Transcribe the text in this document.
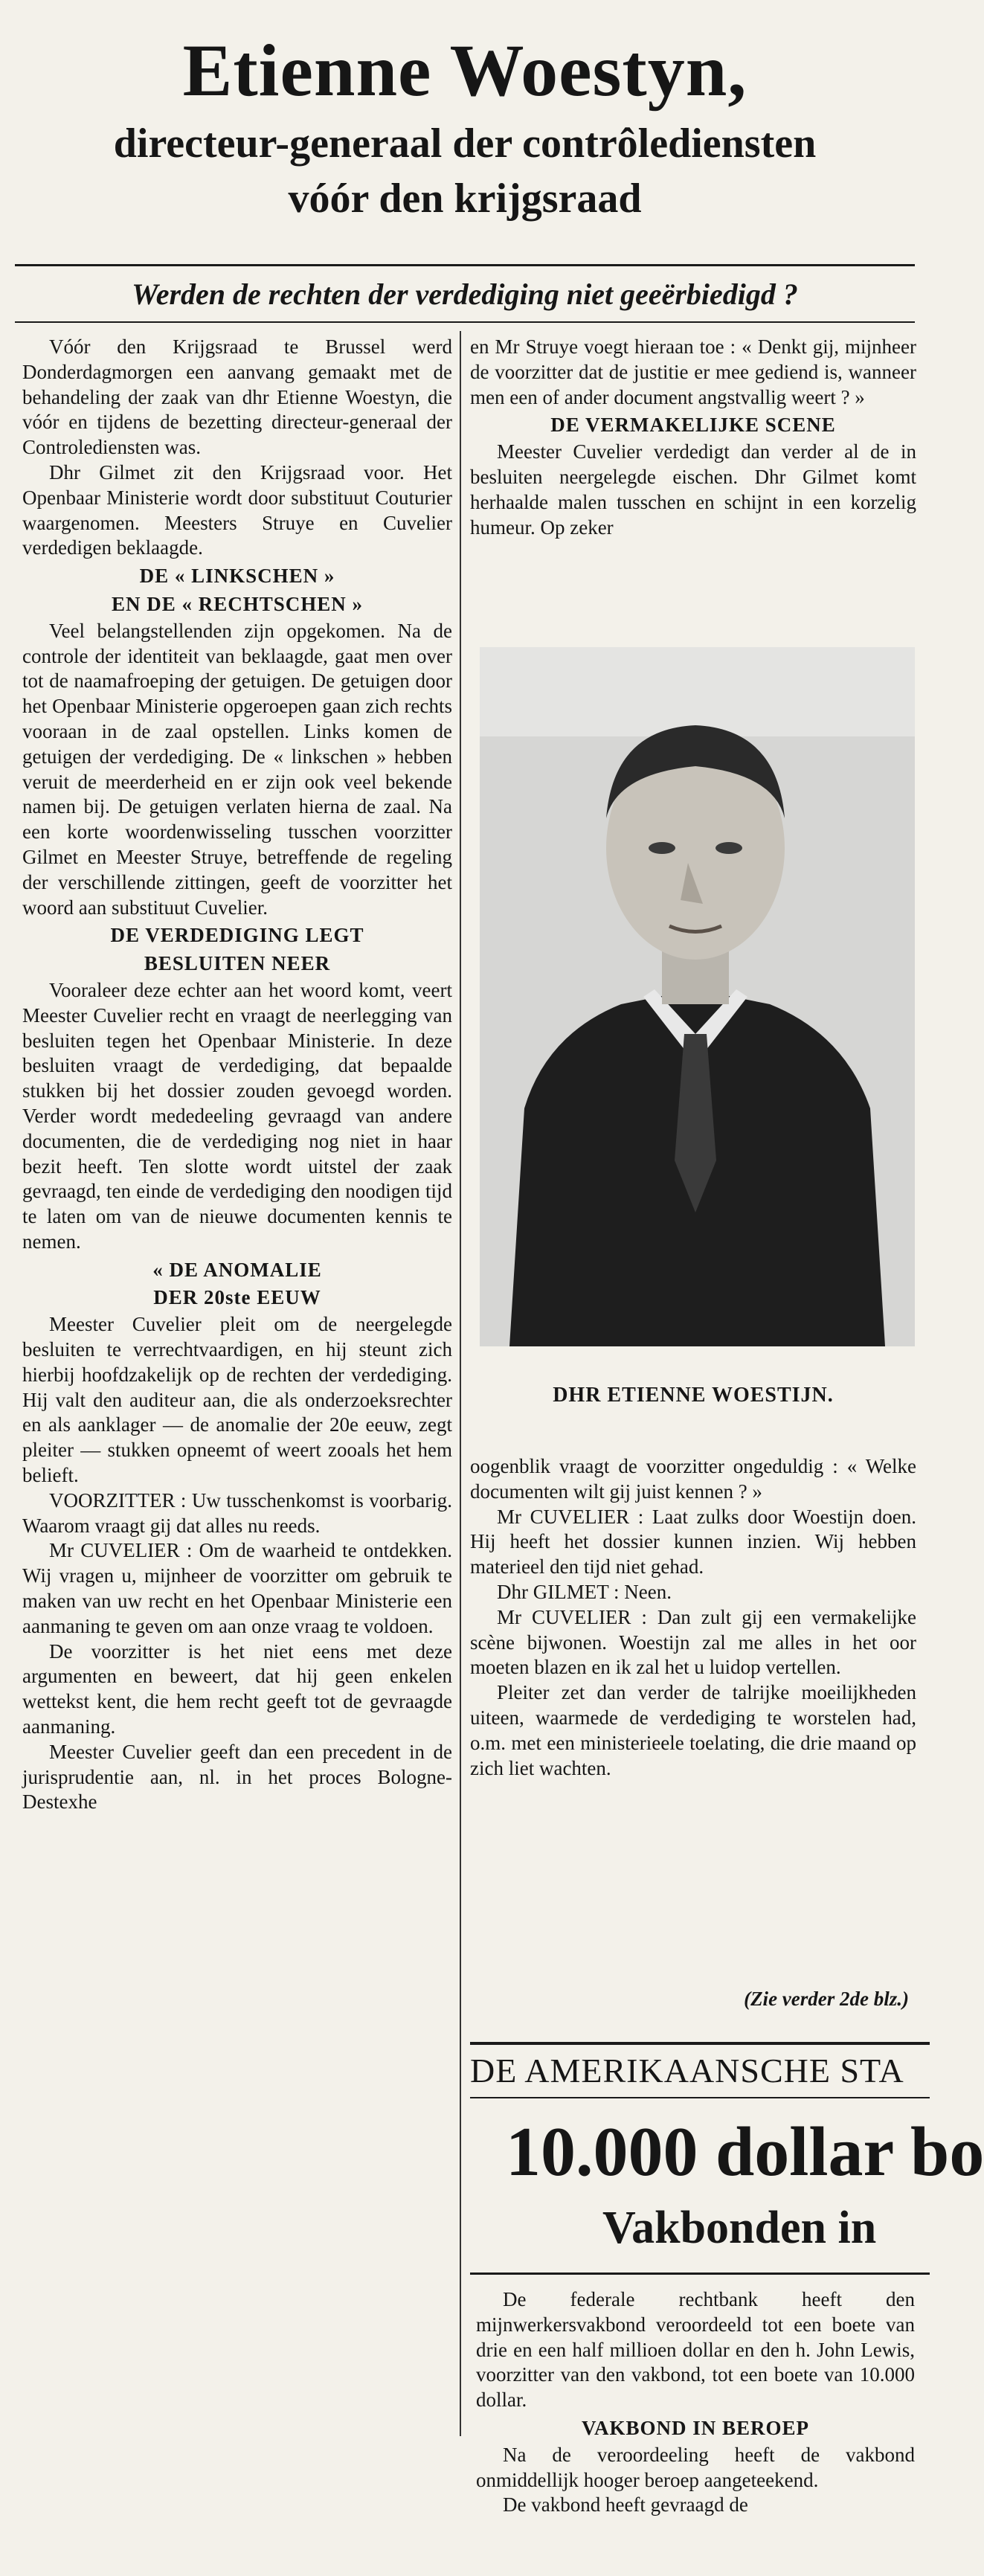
Etienne Woestyn,
directeur-generaal der contrôlediensten
vóór den krijgsraad
Werden de rechten der verdediging niet geeërbiedigd ?

Vóór den Krijgsraad te Brussel werd Donderdagmorgen een aanvang gemaakt met de behandeling der zaak van dhr Etienne Woestyn, die vóór en tijdens de bezetting directeur-generaal der Controlediensten was.

Dhr Gilmet zit den Krijgsraad voor. Het Openbaar Ministerie wordt door substituut Couturier waargenomen. Meesters Struye en Cuvelier verdedigen beklaagde.

DE « LINKSCHEN »

EN DE « RECHTSCHEN »

Veel belangstellenden zijn opgekomen. Na de controle der identiteit van beklaagde, gaat men over tot de naamafroeping der getuigen. De getuigen door het Openbaar Ministerie opgeroepen gaan zich rechts vooraan in de zaal opstellen. Links komen de getuigen der verdediging. De « linkschen » hebben veruit de meerderheid en er zijn ook veel bekende namen bij. De getuigen verlaten hierna de zaal. Na een korte woordenwisseling tusschen voorzitter Gilmet en Meester Struye, betreffende de regeling der verschillende zittingen, geeft de voorzitter het woord aan substituut Cuvelier.

DE VERDEDIGING LEGT

BESLUITEN NEER

Vooraleer deze echter aan het woord komt, veert Meester Cuvelier recht en vraagt de neerlegging van besluiten tegen het Openbaar Ministerie. In deze besluiten vraagt de verdediging, dat bepaalde stukken bij het dossier zouden gevoegd worden. Verder wordt mededeeling gevraagd van andere documenten, die de verdediging nog niet in haar bezit heeft. Ten slotte wordt uitstel der zaak gevraagd, ten einde de verdediging den noodigen tijd te laten om van de nieuwe documenten kennis te nemen.

« DE ANOMALIE

DER 20ste EEUW

Meester Cuvelier pleit om de neergelegde besluiten te verrechtvaardigen, en hij steunt zich hierbij hoofdzakelijk op de rechten der verdediging. Hij valt den auditeur aan, die als onderzoeksrechter en als aanklager — de anomalie der 20e eeuw, zegt pleiter — stukken opneemt of weert zooals het hem belieft.

VOORZITTER : Uw tusschenkomst is voorbarig. Waarom vraagt gij dat alles nu reeds.

Mr CUVELIER : Om de waarheid te ontdekken. Wij vragen u, mijnheer de voorzitter om gebruik te maken van uw recht en het Openbaar Ministerie een aanmaning te geven om aan onze vraag te voldoen.

De voorzitter is het niet eens met deze argumenten en beweert, dat hij geen enkelen wettekst kent, die hem recht geeft tot de gevraagde aanmaning.

Meester Cuvelier geeft dan een precedent in de jurisprudentie aan, nl. in het proces Bologne-Destexhe

en Mr Struye voegt hieraan toe : « Denkt gij, mijnheer de voorzitter dat de justitie er mee gediend is, wanneer men een of ander document angstvallig weert ? »

DE VERMAKELIJKE SCENE

Meester Cuvelier verdedigt dan verder al de in besluiten neergelegde eischen. Dhr Gilmet komt herhaalde malen tusschen en schijnt in een korzelig humeur. Op zeker

DHR ETIENNE WOESTIJN.

oogenblik vraagt de voorzitter ongeduldig : « Welke documenten wilt gij juist kennen ? »

Mr CUVELIER : Laat zulks door Woestijn doen. Hij heeft het dossier kunnen inzien. Wij hebben materieel den tijd niet gehad.

Dhr GILMET : Neen.

Mr CUVELIER : Dan zult gij een vermakelijke scène bijwonen. Woestijn zal me alles in het oor moeten blazen en ik zal het u luidop vertellen.

Pleiter zet dan verder de talrijke moeilijkheden uiteen, waarmede de verdediging te worstelen had, o.m. met een ministerieele toelating, die drie maand op zich liet wachten.

(Zie verder 2de blz.)
DE AMERIKAANSCHE STA
10.000 dollar bo
Vakbonden in

De federale rechtbank heeft den mijnwerkersvakbond veroordeeld tot een boete van drie en een half millioen dollar en den h. John Lewis, voorzitter van den vakbond, tot een boete van 10.000 dollar.

VAKBOND IN BEROEP

Na de veroordeeling heeft de vakbond onmiddellijk hooger beroep aangeteekend.

De vakbond heeft gevraagd de
